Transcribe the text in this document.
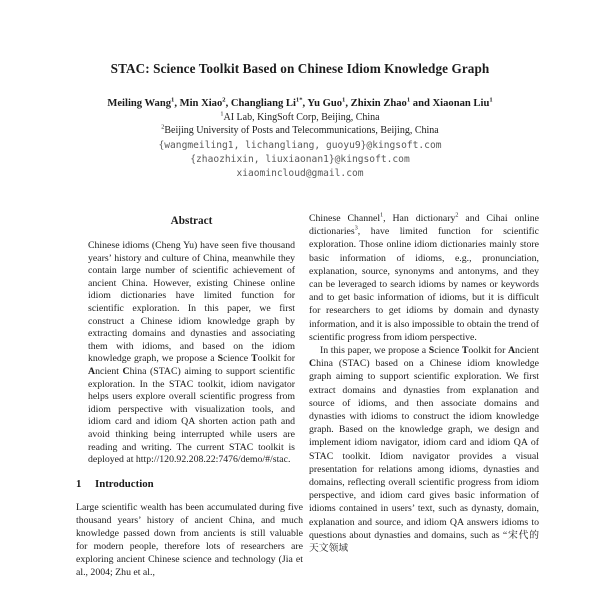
STAC: Science Toolkit Based on Chinese Idiom Knowledge Graph

Meiling Wang$^1$, Min Xiao$^2$, Changliang $Li^{1*}$, Yu Guo$^1$, Zhixin Zhao$^1$ and Xiaonan Liu$^1$

$^1$AI Lab, KingSoft Corp, Beijing, China

$^2$Beijing University of Posts and Telecommunications, Beijing, China

{wangmeiling1, lichangliang, guoyu9}@kingsoft.com

{zhaozhixin, liuxiaonan1}@kingsoft.com

xiaomincloud@gmail.com

Abstract

Chinese idioms (Cheng Yu) have seen five thousand years’ history and culture of China, meanwhile they contain large number of scientific achievement of ancient China. However, existing Chinese online idiom dictionaries have limited function for scientific exploration. In this paper, we first construct a Chinese idiom knowledge graph by extracting domains and dynasties and associating them with idioms, and based on the idiom knowledge graph, we propose a Science Toolkit for Ancient China (STAC) aiming to support scientific exploration. In the STAC toolkit, idiom navigator helps users explore overall scientific progress from idiom perspective with visualization tools, and idiom card and idiom QA shorten action path and avoid thinking being interrupted while users are reading and writing. The current STAC toolkit is deployed at http://120.92.208.22:7476/demo/#/stac.

1 Introduction

Large scientific wealth has been accumulated during five thousand years’ history of ancient China, and much knowledge passed down from ancients is still valuable for modern people, therefore lots of researchers are exploring ancient Chinese science and technology (Jia et al., 2004; Zhu et al.,

Chinese Channel$^1$, Han dictionary$^2$ and Cihai online dictionaries$^3$, have limited function for scientific exploration. Those online idiom dictionaries mainly store basic information of idioms, e.g., pronunciation, explanation, source, synonyms and antonyms, and they can be leveraged to search idioms by names or keywords and to get basic information of idioms, but it is difficult for researchers to get idioms by domain and dynasty information, and it is also impossible to obtain the trend of scientific progress from idiom perspective.

In this paper, we propose a Science Toolkit for Ancient China (STAC) based on a Chinese idiom knowledge graph aiming to support scientific exploration. We first extract domains and dynasties from explanation and source of idioms, and then associate domains and dynasties with idioms to construct the idiom knowledge graph. Based on the knowledge graph, we design and implement idiom navigator, idiom card and idiom QA of STAC toolkit. Idiom navigator provides a visual presentation for relations among idioms, dynasties and domains, reflecting overall scientific progress from idiom perspective, and idiom card gives basic information of idioms contained in users’ text, such as dynasty, domain, explanation and source, and idiom QA answers idioms to questions about dynasties and domains, such as “宋代的天文领域
